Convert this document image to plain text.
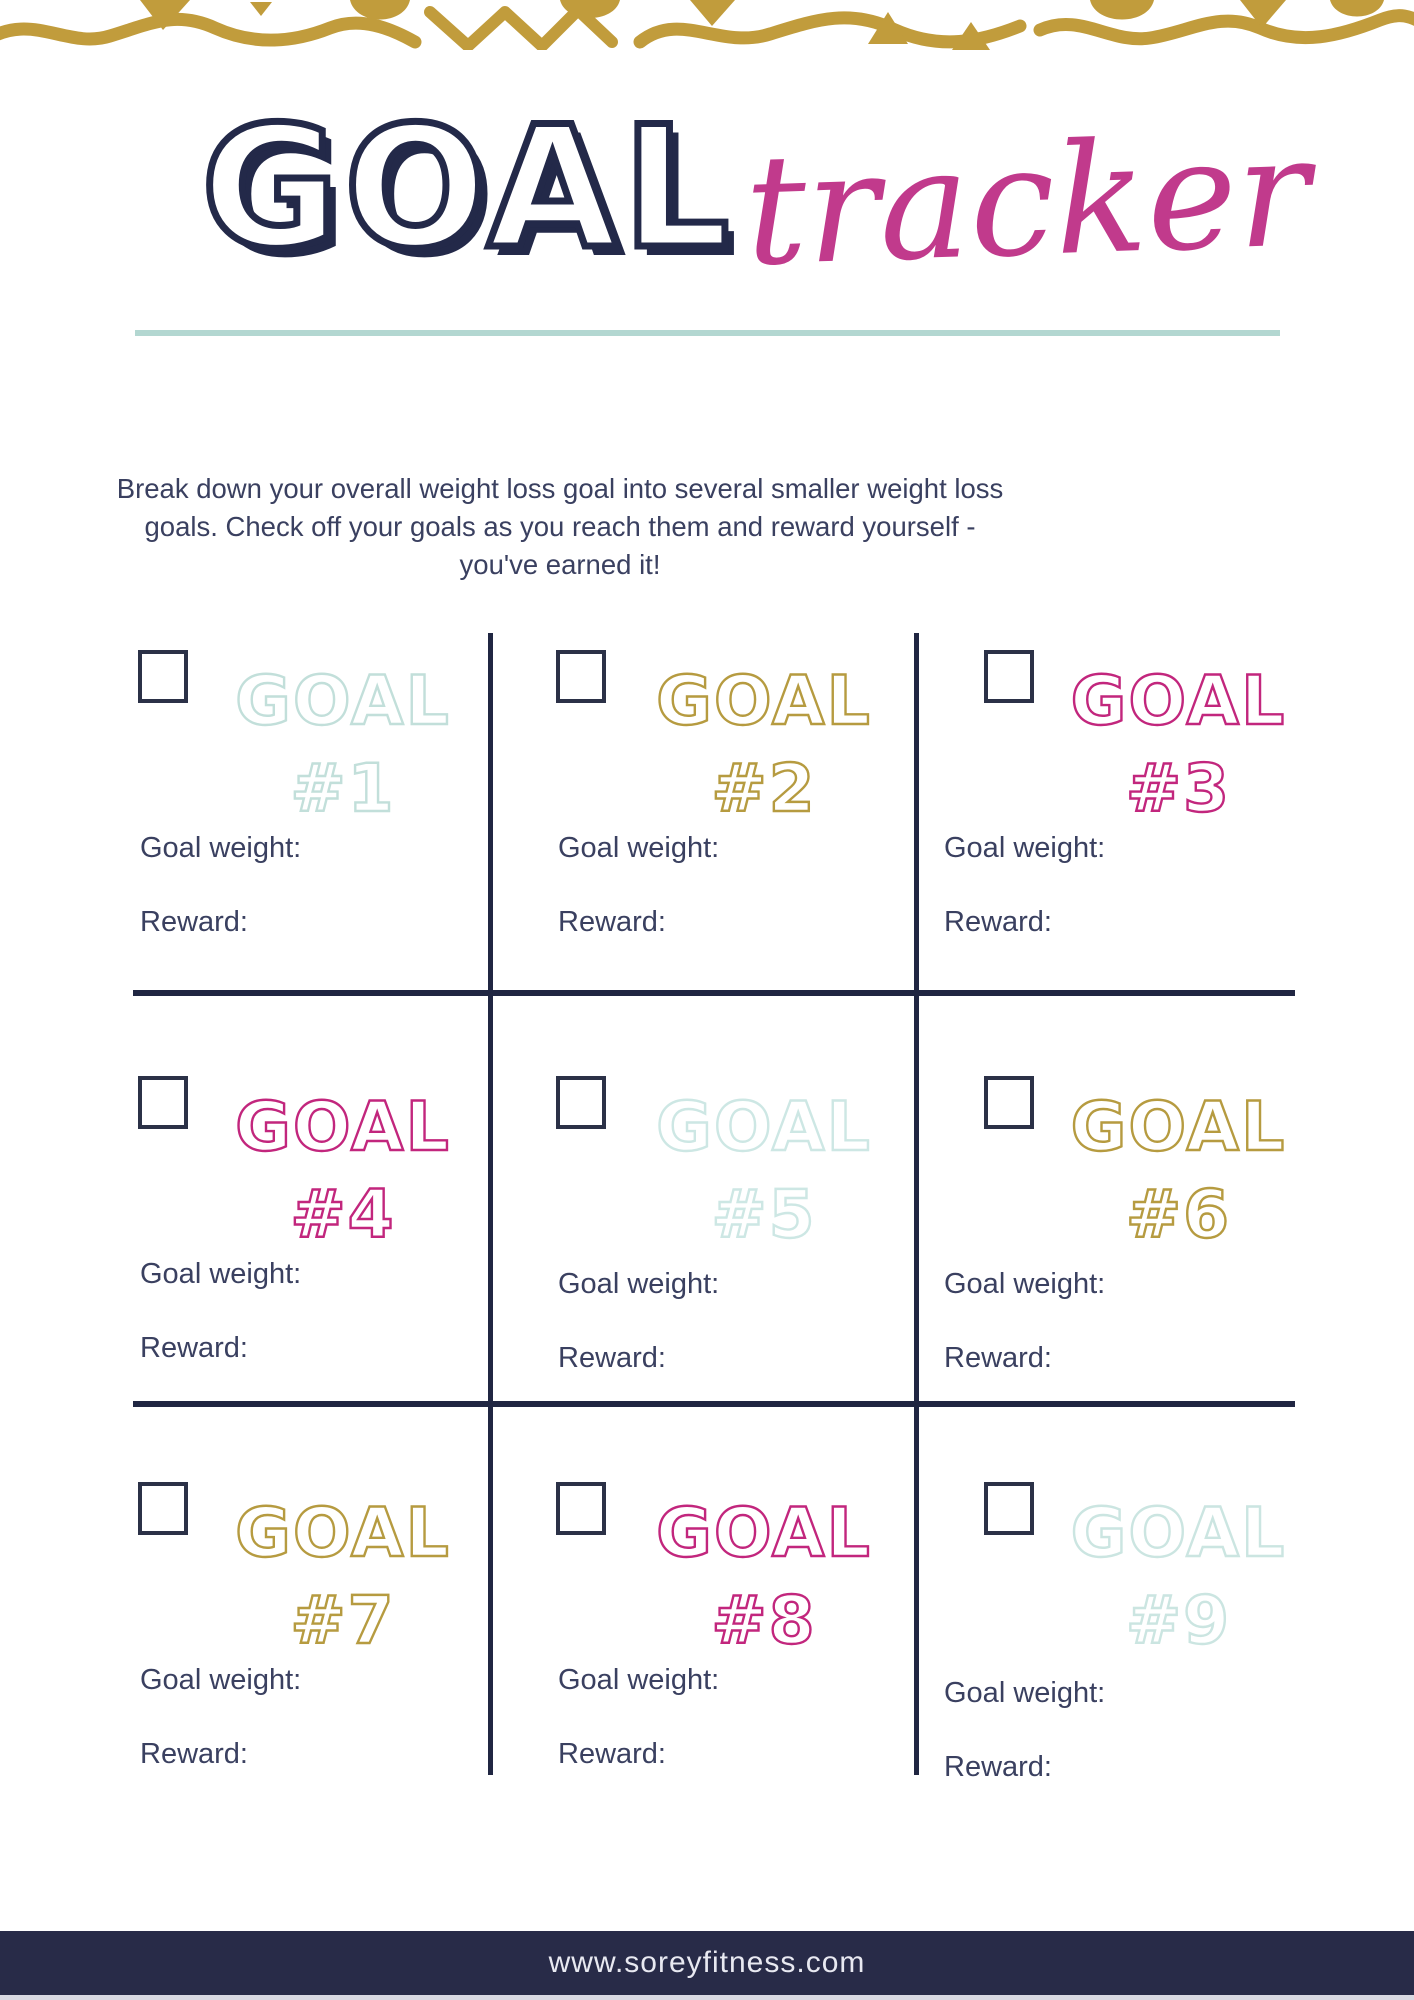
GOAL tracker

Break down your overall weight loss goal into several smaller weight loss
goals. Check off your goals as you reach them and reward yourself -
you've earned it!

GOAL
#1
Goal weight:
Reward:
GOAL
#2
Goal weight:
Reward:
GOAL
#3
Goal weight:
Reward:
GOAL
#4
Goal weight:
Reward:
GOAL
#5
Goal weight:
Reward:
GOAL
#6
Goal weight:
Reward:
GOAL
#7
Goal weight:
Reward:
GOAL
#8
Goal weight:
Reward:
GOAL
#9
Goal weight:
Reward:
www.soreyfitness.com
